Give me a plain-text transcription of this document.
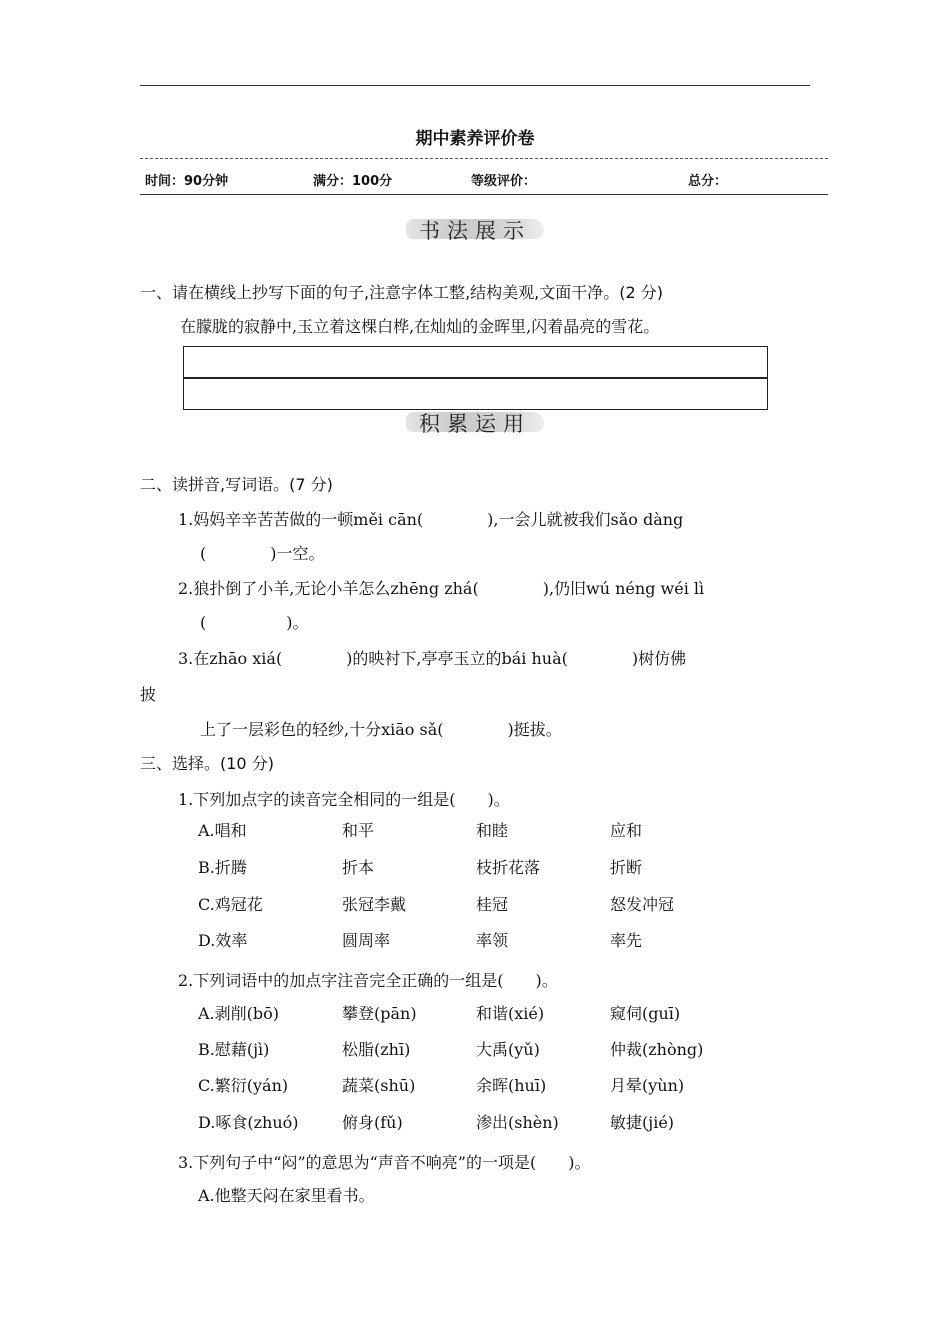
期中素养评价卷
时间：90分钟	满分：100分	等级评价：	总分：
书法展示
一、请在横线上抄写下面的句子,注意字体工整,结构美观,文面干净。(2 分)
在朦胧的寂静中,玉立着这棵白桦,在灿灿的金晖里,闪着晶亮的雪花。
积累运用
二、读拼音,写词语。(7 分)
1.妈妈辛辛苦苦做的一顿měi cān(　　　　),一会儿就被我们sǎo dàng
(　　　　)一空。
2.狼扑倒了小羊,无论小羊怎么zhēng zhá(　　　　),仍旧wú néng wéi lì
(　　　　　)。
3.在zhāo xiá(　　　　)的映衬下,亭亭玉立的bái huà(　　　　)树仿佛
披
上了一层彩色的轻纱,十分xiāo sǎ(　　　　)挺拔。
三、选择。(10 分)
1.下列加点字的读音完全相同的一组是(　　)。
A.唱和	和平	和睦	应和
B.折腾	折本	枝折花落	折断
C.鸡冠花	张冠李戴	桂冠	怒发冲冠
D.效率	圆周率	率领	率先
2.下列词语中的加点字注音完全正确的一组是(　　)。
A.剥削(bō)	攀登(pān)	和谐(xié)	窥伺(guī)
B.慰藉(jì)	松脂(zhī)	大禹(yǔ)	仲裁(zhòng)
C.繁衍(yán)	蔬菜(shū)	余晖(huī)	月晕(yùn)
D.啄食(zhuó)	俯身(fǔ)	渗出(shèn)	敏捷(jié)
3.下列句子中“闷”的意思为“声音不响亮”的一项是(　　)。
A.他整天闷在家里看书。
